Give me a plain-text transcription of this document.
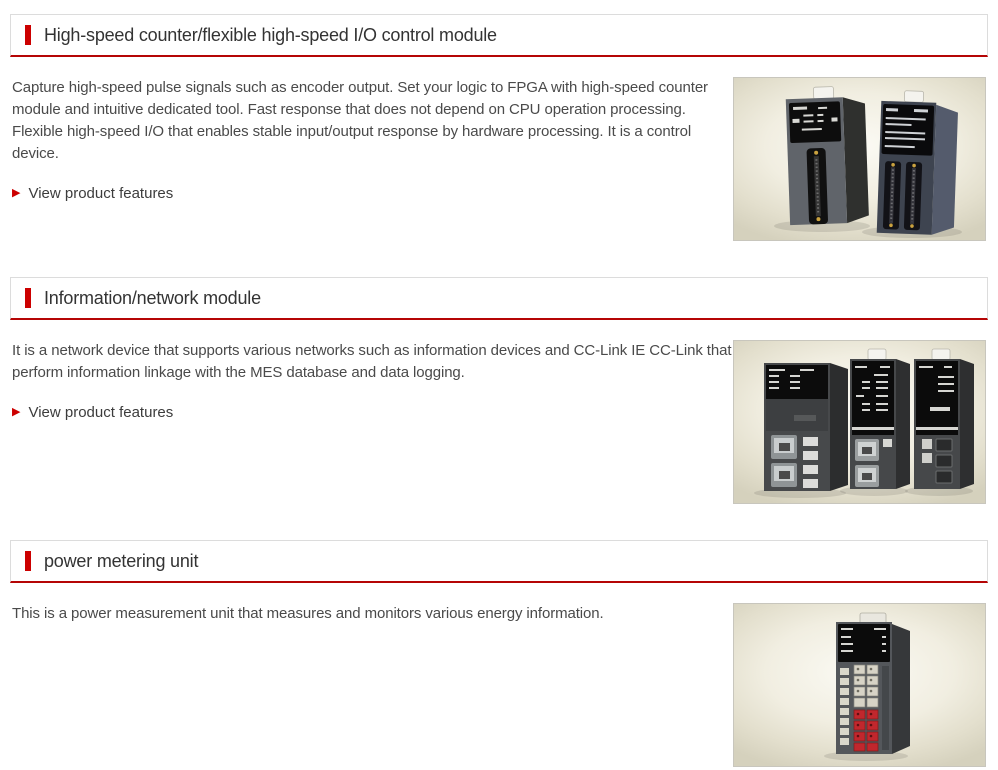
High-speed counter/flexible high-speed I/O control module

Capture high-speed pulse signals such as encoder output. Set your logic to FPGA with high-speed counter module and intuitive dedicated tool. Fast response that does not depend on CPU operation processing. Flexible high-speed I/O that enables stable input/output response by hardware processing. It is a control device.

▶ View product features
Information/network module

It is a network device that supports various networks such as information devices and CC-Link IE CC-Link that perform information linkage with the MES database and data logging.

▶ View product features
power metering unit

This is a power measurement unit that measures and monitors various energy information.
